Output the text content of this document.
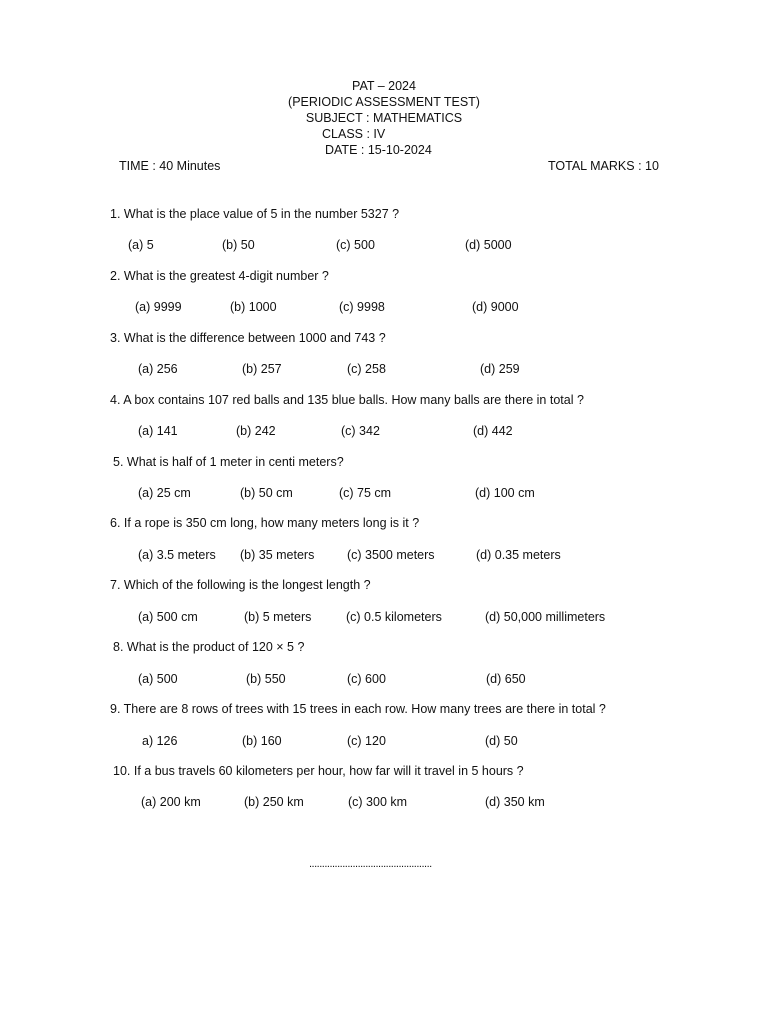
PAT – 2024
(PERIODIC ASSESSMENT TEST)
SUBJECT : MATHEMATICS
CLASS : IV
DATE : 15-10-2024
TIME : 40 Minutes	TOTAL MARKS : 10
1. What is the place value of 5 in the number 5327 ?
(a) 5	(b) 50	(c) 500	(d) 5000
2. What is the greatest 4-digit number ?
(a) 9999	(b) 1000	(c) 9998	(d) 9000
3. What is the difference between 1000 and 743 ?
(a) 256	(b) 257	(c) 258	(d) 259
4. A box contains 107 red balls and 135 blue balls. How many balls are there in total ?
(a) 141	(b) 242	(c) 342	(d) 442
5. What is half of 1 meter in centi meters?
(a) 25 cm	(b) 50 cm	(c) 75 cm	(d) 100 cm
6. If a rope is 350 cm long, how many meters long is it ?
(a) 3.5 meters (b) 35 meters	(c) 3500 meters	(d) 0.35 meters
7. Which of the following is the longest length ?
(a) 500 cm	(b) 5 meters	(c) 0.5 kilometers	(d) 50,000 millimeters
8. What is the product of 120 × 5 ?
(a) 500	(b) 550	(c) 600	(d) 650
9. There are 8 rows of trees with 15 trees in each row. How many trees are there in total ?
a) 126	(b) 160	(c) 120	(d) 50
10. If a bus travels 60 kilometers per hour, how far will it travel in 5 hours ?
(a) 200 km	(b) 250 km	(c) 300 km	(d) 350 km
................................................
